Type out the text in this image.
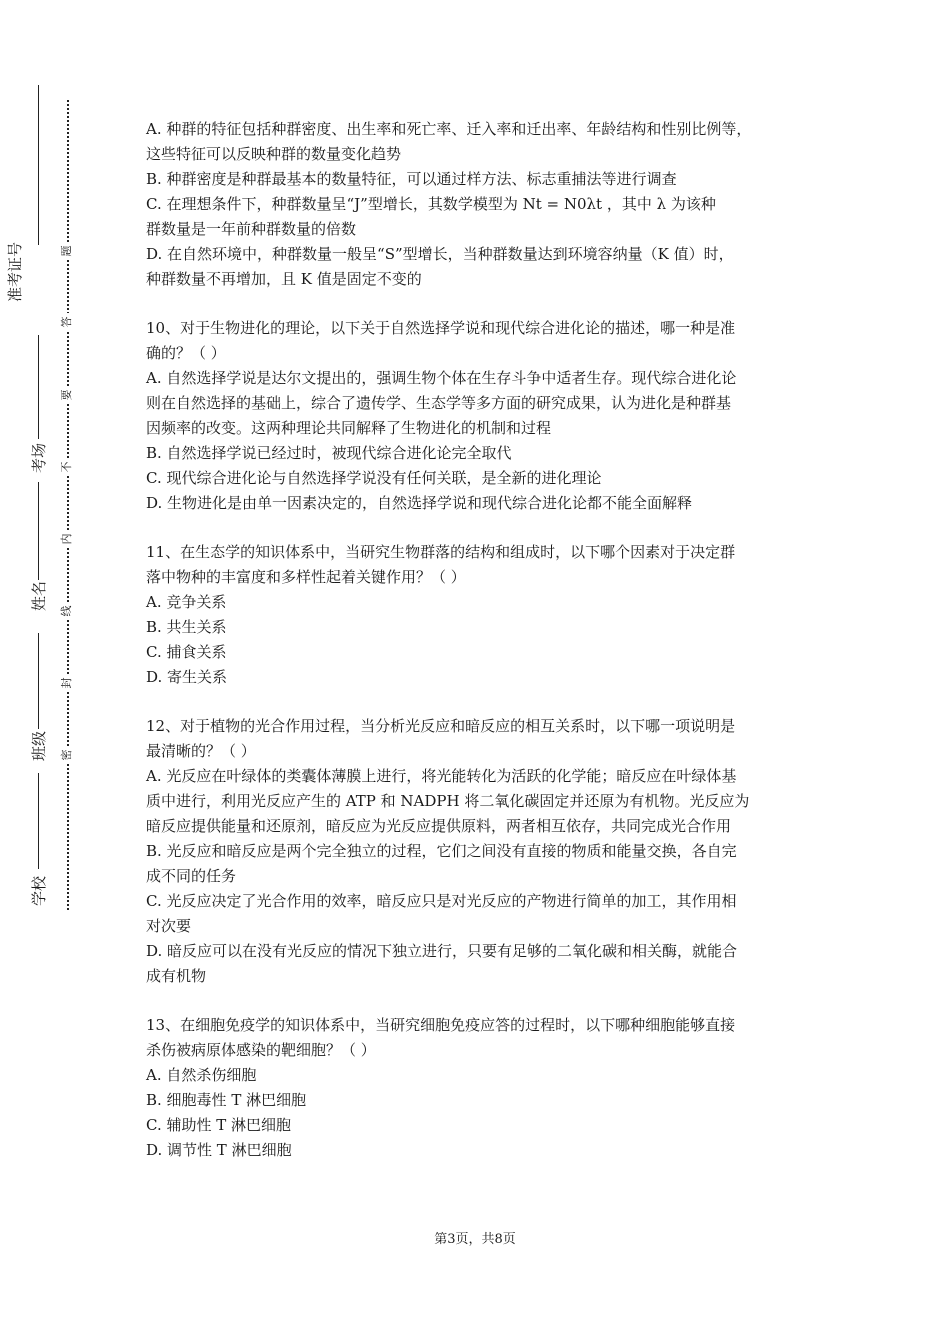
学校
班级
姓名
考场
准考证号	题
答
要
不
内
线
封
密
A. 种群的特征包括种群密度、出生率和死亡率、迁入率和迁出率、年龄结构和性别比例等，
这些特征可以反映种群的数量变化趋势
B. 种群密度是种群最基本的数量特征，可以通过样方法、标志重捕法等进行调查
C. 在理想条件下，种群数量呈“J”型增长，其数学模型为 Nt = N0λt ，其中 λ 为该种
群数量是一年前种群数量的倍数
D. 在自然环境中，种群数量一般呈“S”型增长，当种群数量达到环境容纳量（K 值）时，
种群数量不再增加，且 K 值是固定不变的
10、对于生物进化的理论，以下关于自然选择学说和现代综合进化论的描述，哪一种是准
确的？（ ）
A. 自然选择学说是达尔文提出的，强调生物个体在生存斗争中适者生存。现代综合进化论
则在自然选择的基础上，综合了遗传学、生态学等多方面的研究成果，认为进化是种群基
因频率的改变。这两种理论共同解释了生物进化的机制和过程
B. 自然选择学说已经过时，被现代综合进化论完全取代
C. 现代综合进化论与自然选择学说没有任何关联，是全新的进化理论
D. 生物进化是由单一因素决定的，自然选择学说和现代综合进化论都不能全面解释
11、在生态学的知识体系中，当研究生物群落的结构和组成时，以下哪个因素对于决定群
落中物种的丰富度和多样性起着关键作用？（ ）
A. 竞争关系
B. 共生关系
C. 捕食关系
D. 寄生关系
12、对于植物的光合作用过程，当分析光反应和暗反应的相互关系时，以下哪一项说明是
最清晰的？（ ）
A. 光反应在叶绿体的类囊体薄膜上进行，将光能转化为活跃的化学能；暗反应在叶绿体基
质中进行，利用光反应产生的 ATP 和 NADPH 将二氧化碳固定并还原为有机物。光反应为
暗反应提供能量和还原剂，暗反应为光反应提供原料，两者相互依存，共同完成光合作用
B. 光反应和暗反应是两个完全独立的过程，它们之间没有直接的物质和能量交换，各自完
成不同的任务
C. 光反应决定了光合作用的效率，暗反应只是对光反应的产物进行简单的加工，其作用相
对次要
D. 暗反应可以在没有光反应的情况下独立进行，只要有足够的二氧化碳和相关酶，就能合
成有机物
13、在细胞免疫学的知识体系中，当研究细胞免疫应答的过程时，以下哪种细胞能够直接
杀伤被病原体感染的靶细胞？（ ）
A. 自然杀伤细胞
B. 细胞毒性 T 淋巴细胞
C. 辅助性 T 淋巴细胞
D. 调节性 T 淋巴细胞
第3页，共8页
